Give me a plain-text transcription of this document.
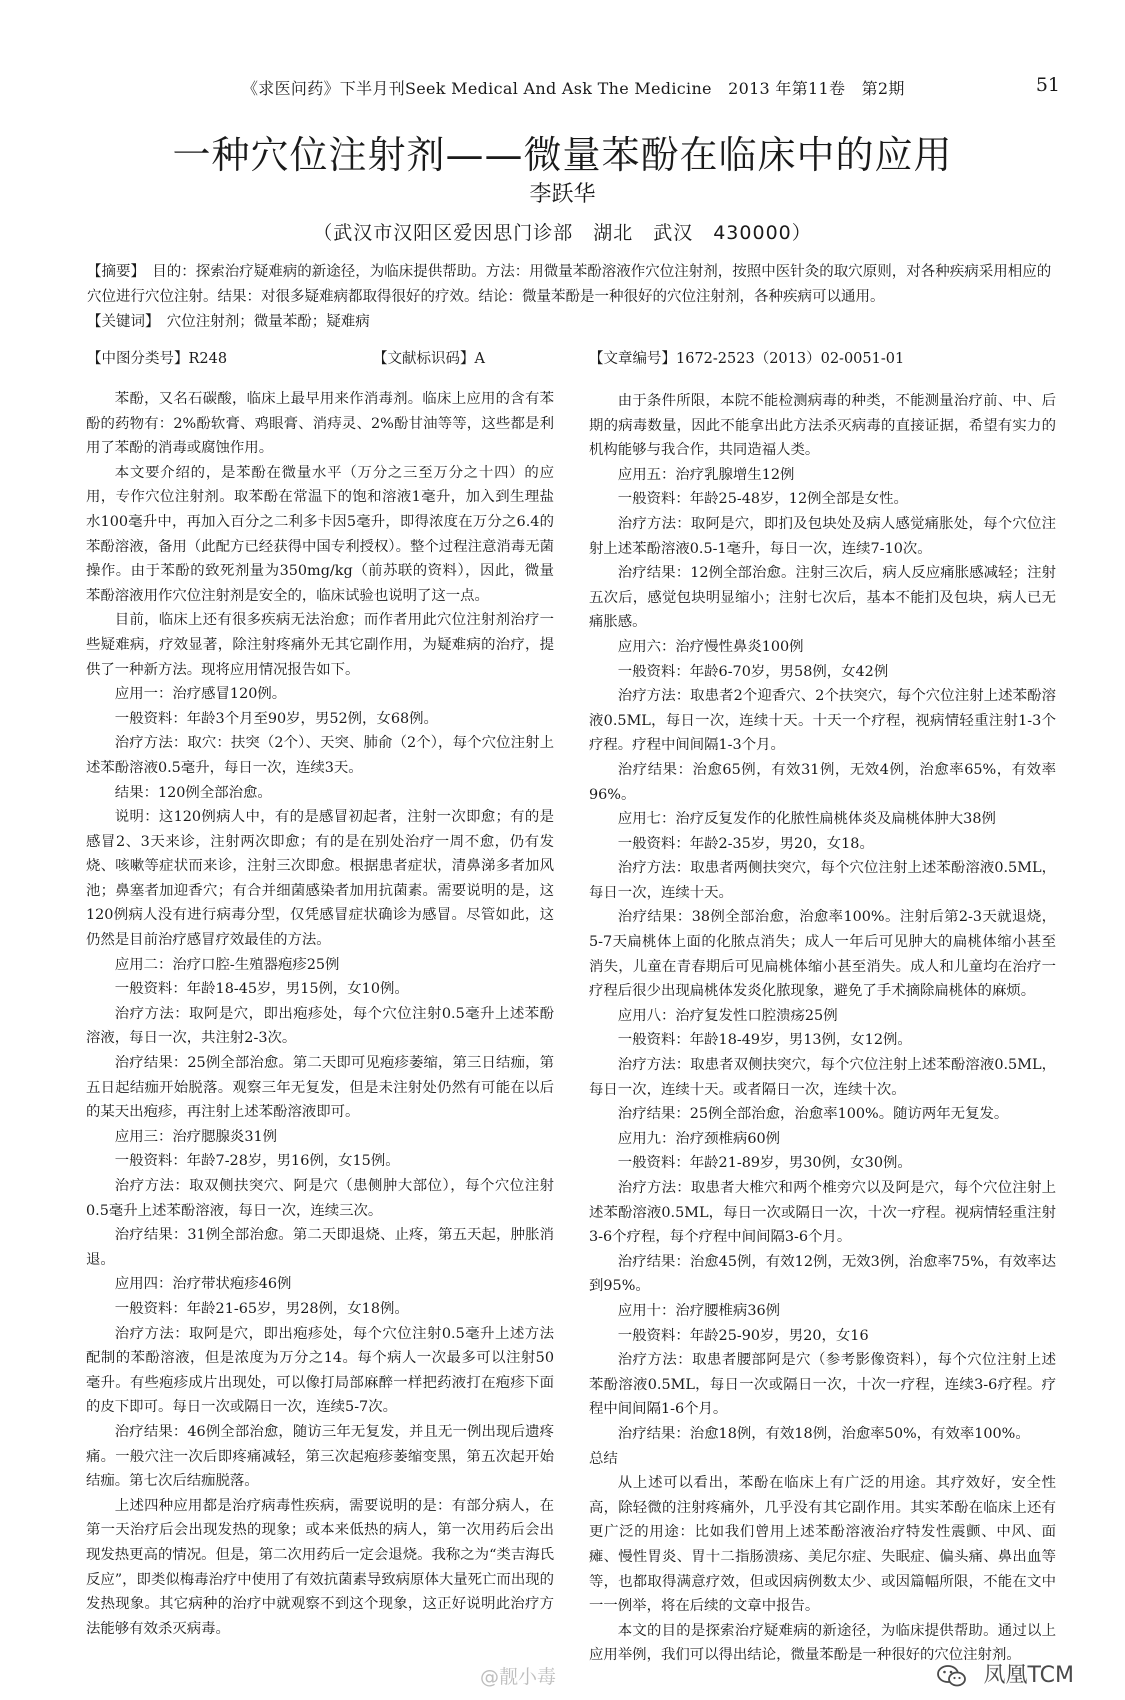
《求医问药》下半月刊Seek Medical And Ask The Medicine　2013 年第11卷　第2期	51
一种穴位注射剂——微量苯酚在临床中的应用
李跃华
（武汉市汉阳区爱因思门诊部　湖北　武汉　430000）
【摘要】　目的：探索治疗疑难病的新途径，为临床提供帮助。方法：用微量苯酚溶液作穴位注射剂，按照中医针灸的取穴原则，对各种疾病采用相应的穴位进行穴位注射。结果：对很多疑难病都取得很好的疗效。结论：微量苯酚是一种很好的穴位注射剂，各种疾病可以通用。
【关键词】　穴位注射剂；微量苯酚；疑难病
【中图分类号】R248	【文献标识码】A	【文章编号】1672-2523（2013）02-0051-01

苯酚，又名石碳酸，临床上最早用来作消毒剂。临床上应用的含有苯酚的药物有：2%酚软膏、鸡眼膏、消痔灵、2%酚甘油等等，这些都是利用了苯酚的消毒或腐蚀作用。

本文要介绍的，是苯酚在微量水平（万分之三至万分之十四）的应用，专作穴位注射剂。取苯酚在常温下的饱和溶液1毫升，加入到生理盐水100毫升中，再加入百分之二利多卡因5毫升，即得浓度在万分之6.4的苯酚溶液，备用（此配方已经获得中国专利授权）。整个过程注意消毒无菌操作。由于苯酚的致死剂量为350mg/kg（前苏联的资料），因此，微量苯酚溶液用作穴位注射剂是安全的，临床试验也说明了这一点。

目前，临床上还有很多疾病无法治愈；而作者用此穴位注射剂治疗一些疑难病，疗效显著，除注射疼痛外无其它副作用，为疑难病的治疗，提供了一种新方法。现将应用情况报告如下。

应用一：治疗感冒120例。

一般资料：年龄3个月至90岁，男52例，女68例。

治疗方法：取穴：扶突（2个）、天突、肺俞（2个），每个穴位注射上述苯酚溶液0.5毫升，每日一次，连续3天。

结果：120例全部治愈。

说明：这120例病人中，有的是感冒初起者，注射一次即愈；有的是感冒2、3天来诊，注射两次即愈；有的是在别处治疗一周不愈，仍有发烧、咳嗽等症状而来诊，注射三次即愈。根据患者症状，清鼻涕多者加风池；鼻塞者加迎香穴；有合并细菌感染者加用抗菌素。需要说明的是，这120例病人没有进行病毒分型，仅凭感冒症状确诊为感冒。尽管如此，这仍然是目前治疗感冒疗效最佳的方法。

应用二：治疗口腔-生殖器疱疹25例

一般资料：年龄18-45岁，男15例，女10例。

治疗方法：取阿是穴，即出疱疹处，每个穴位注射0.5毫升上述苯酚溶液，每日一次，共注射2-3次。

治疗结果：25例全部治愈。第二天即可见疱疹萎缩，第三日结痂，第五日起结痂开始脱落。观察三年无复发，但是未注射处仍然有可能在以后的某天出疱疹，再注射上述苯酚溶液即可。

应用三：治疗腮腺炎31例

一般资料：年龄7-28岁，男16例，女15例。

治疗方法：取双侧扶突穴、阿是穴（患侧肿大部位），每个穴位注射0.5毫升上述苯酚溶液，每日一次，连续三次。

治疗结果：31例全部治愈。第二天即退烧、止疼，第五天起，肿胀消退。

应用四：治疗带状疱疹46例

一般资料：年龄21-65岁，男28例，女18例。

治疗方法：取阿是穴，即出疱疹处，每个穴位注射0.5毫升上述方法配制的苯酚溶液，但是浓度为万分之14。每个病人一次最多可以注射50毫升。有些疱疹成片出现处，可以像打局部麻醉一样把药液打在疱疹下面的皮下即可。每日一次或隔日一次，连续5-7次。

治疗结果：46例全部治愈，随访三年无复发，并且无一例出现后遗疼痛。一般穴注一次后即疼痛减轻，第三次起疱疹萎缩变黑，第五次起开始结痂。第七次后结痂脱落。

上述四种应用都是治疗病毒性疾病，需要说明的是：有部分病人，在第一天治疗后会出现发热的现象；或本来低热的病人，第一次用药后会出现发热更高的情况。但是，第二次用药后一定会退烧。我称之为“类吉海氏反应”，即类似梅毒治疗中使用了有效抗菌素导致病原体大量死亡而出现的发热现象。其它病种的治疗中就观察不到这个现象，这正好说明此治疗方法能够有效杀灭病毒。

由于条件所限，本院不能检测病毒的种类，不能测量治疗前、中、后期的病毒数量，因此不能拿出此方法杀灭病毒的直接证据，希望有实力的机构能够与我合作，共同造福人类。

应用五：治疗乳腺增生12例

一般资料：年龄25-48岁，12例全部是女性。

治疗方法：取阿是穴，即扪及包块处及病人感觉痛胀处，每个穴位注射上述苯酚溶液0.5-1毫升，每日一次，连续7-10次。

治疗结果：12例全部治愈。注射三次后，病人反应痛胀感减轻；注射五次后，感觉包块明显缩小；注射七次后，基本不能扪及包块，病人已无痛胀感。

应用六：治疗慢性鼻炎100例

一般资料：年龄6-70岁，男58例，女42例

治疗方法：取患者2个迎香穴、2个扶突穴，每个穴位注射上述苯酚溶液0.5ML，每日一次，连续十天。十天一个疗程，视病情轻重注射1-3个疗程。疗程中间间隔1-3个月。

治疗结果：治愈65例，有效31例，无效4例，治愈率65%，有效率96%。

应用七：治疗反复发作的化脓性扁桃体炎及扁桃体肿大38例

一般资料：年龄2-35岁，男20，女18。

治疗方法：取患者两侧扶突穴，每个穴位注射上述苯酚溶液0.5ML，每日一次，连续十天。

治疗结果：38例全部治愈，治愈率100%。注射后第2-3天就退烧，5-7天扁桃体上面的化脓点消失；成人一年后可见肿大的扁桃体缩小甚至消失，儿童在青春期后可见扁桃体缩小甚至消失。成人和儿童均在治疗一疗程后很少出现扁桃体发炎化脓现象，避免了手术摘除扁桃体的麻烦。

应用八：治疗复发性口腔溃疡25例

一般资料：年龄18-49岁，男13例，女12例。

治疗方法：取患者双侧扶突穴，每个穴位注射上述苯酚溶液0.5ML，每日一次，连续十天。或者隔日一次，连续十次。

治疗结果：25例全部治愈，治愈率100%。随访两年无复发。

应用九：治疗颈椎病60例

一般资料：年龄21-89岁，男30例，女30例。

治疗方法：取患者大椎穴和两个椎旁穴以及阿是穴，每个穴位注射上述苯酚溶液0.5ML，每日一次或隔日一次，十次一疗程。视病情轻重注射3-6个疗程，每个疗程中间间隔3-6个月。

治疗结果：治愈45例，有效12例，无效3例，治愈率75%，有效率达到95%。

应用十：治疗腰椎病36例

一般资料：年龄25-90岁，男20，女16

治疗方法：取患者腰部阿是穴（参考影像资料），每个穴位注射上述苯酚溶液0.5ML，每日一次或隔日一次，十次一疗程，连续3-6疗程。疗程中间间隔1-6个月。

治疗结果：治愈18例，有效18例，治愈率50%，有效率100%。

总结

从上述可以看出，苯酚在临床上有广泛的用途。其疗效好，安全性高，除轻微的注射疼痛外，几乎没有其它副作用。其实苯酚在临床上还有更广泛的用途：比如我们曾用上述苯酚溶液治疗特发性震颤、中风、面瘫、慢性胃炎、胃十二指肠溃疡、美尼尔症、失眠症、偏头痛、鼻出血等等，也都取得满意疗效，但或因病例数太少、或因篇幅所限，不能在文中一一例举，将在后续的文章中报告。

本文的目的是探索治疗疑难病的新途径，为临床提供帮助。通过以上应用举例，我们可以得出结论，微量苯酚是一种很好的穴位注射剂。

@靓小毒	凤凰TCM
